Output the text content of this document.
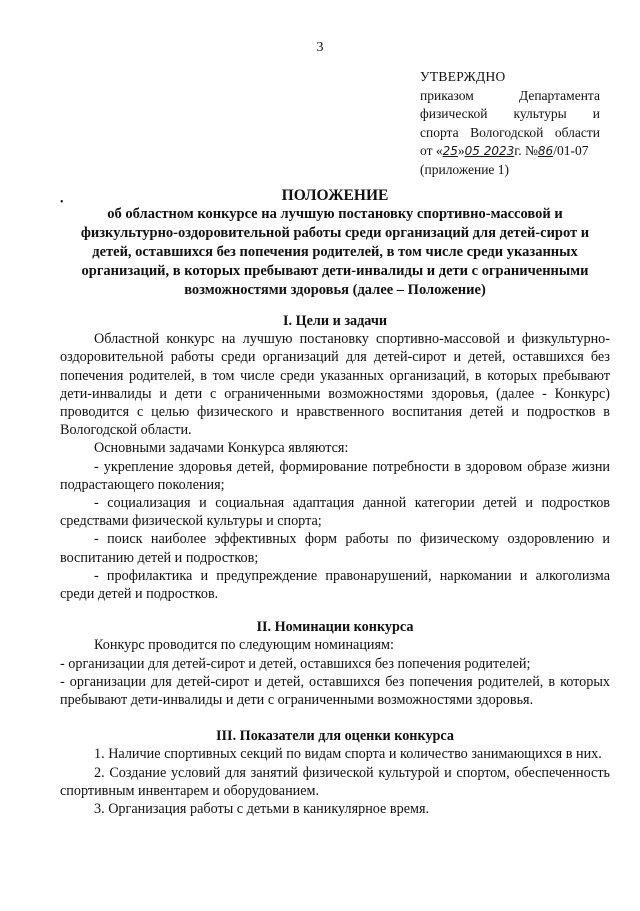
3
УТВЕРЖДНО
приказом Департамента
физической культуры и
спорта Вологодской области
от «25»05 2023г. №86/01-07
(приложение 1)
•	ПОЛОЖЕНИЕ
об областном конкурсе на лучшую постановку спортивно-массовой и физкультурно-оздоровительной работы среди организаций для детей-сирот и детей, оставшихся без попечения родителей, в том числе среди указанных организаций, в которых пребывают дети-инвалиды и дети с ограниченными возможностями здоровья (далее – Положение)

I. Цели и задачи

Областной конкурс на лучшую постановку спортивно-массовой и физкультурно-оздоровительной работы среди организаций для детей-сирот и детей, оставшихся без попечения родителей, в том числе среди указанных организаций, в которых пребывают дети-инвалиды и дети с ограниченными возможностями здоровья, (далее - Конкурс) проводится с целью физического и нравственного воспитания детей и подростков в Вологодской области.

Основными задачами Конкурса являются:

- укрепление здоровья детей, формирование потребности в здоровом образе жизни подрастающего поколения;

- социализация и социальная адаптация данной категории детей и подростков средствами физической культуры и спорта;

- поиск наиболее эффективных форм работы по физическому оздоровлению и воспитанию детей и подростков;

- профилактика и предупреждение правонарушений, наркомании и алкоголизма среди детей и подростков.

II. Номинации конкурса

Конкурс проводится по следующим номинациям:

- организации для детей-сирот и детей, оставшихся без попечения родителей;

- организации для детей-сирот и детей, оставшихся без попечения родителей, в которых пребывают дети-инвалиды и дети с ограниченными возможностями здоровья.

III. Показатели для оценки конкурса

1. Наличие спортивных секций по видам спорта и количество занимающихся в них.

2. Создание условий для занятий физической культурой и спортом, обеспеченность спортивным инвентарем и оборудованием.

3. Организация работы с детьми в каникулярное время.
